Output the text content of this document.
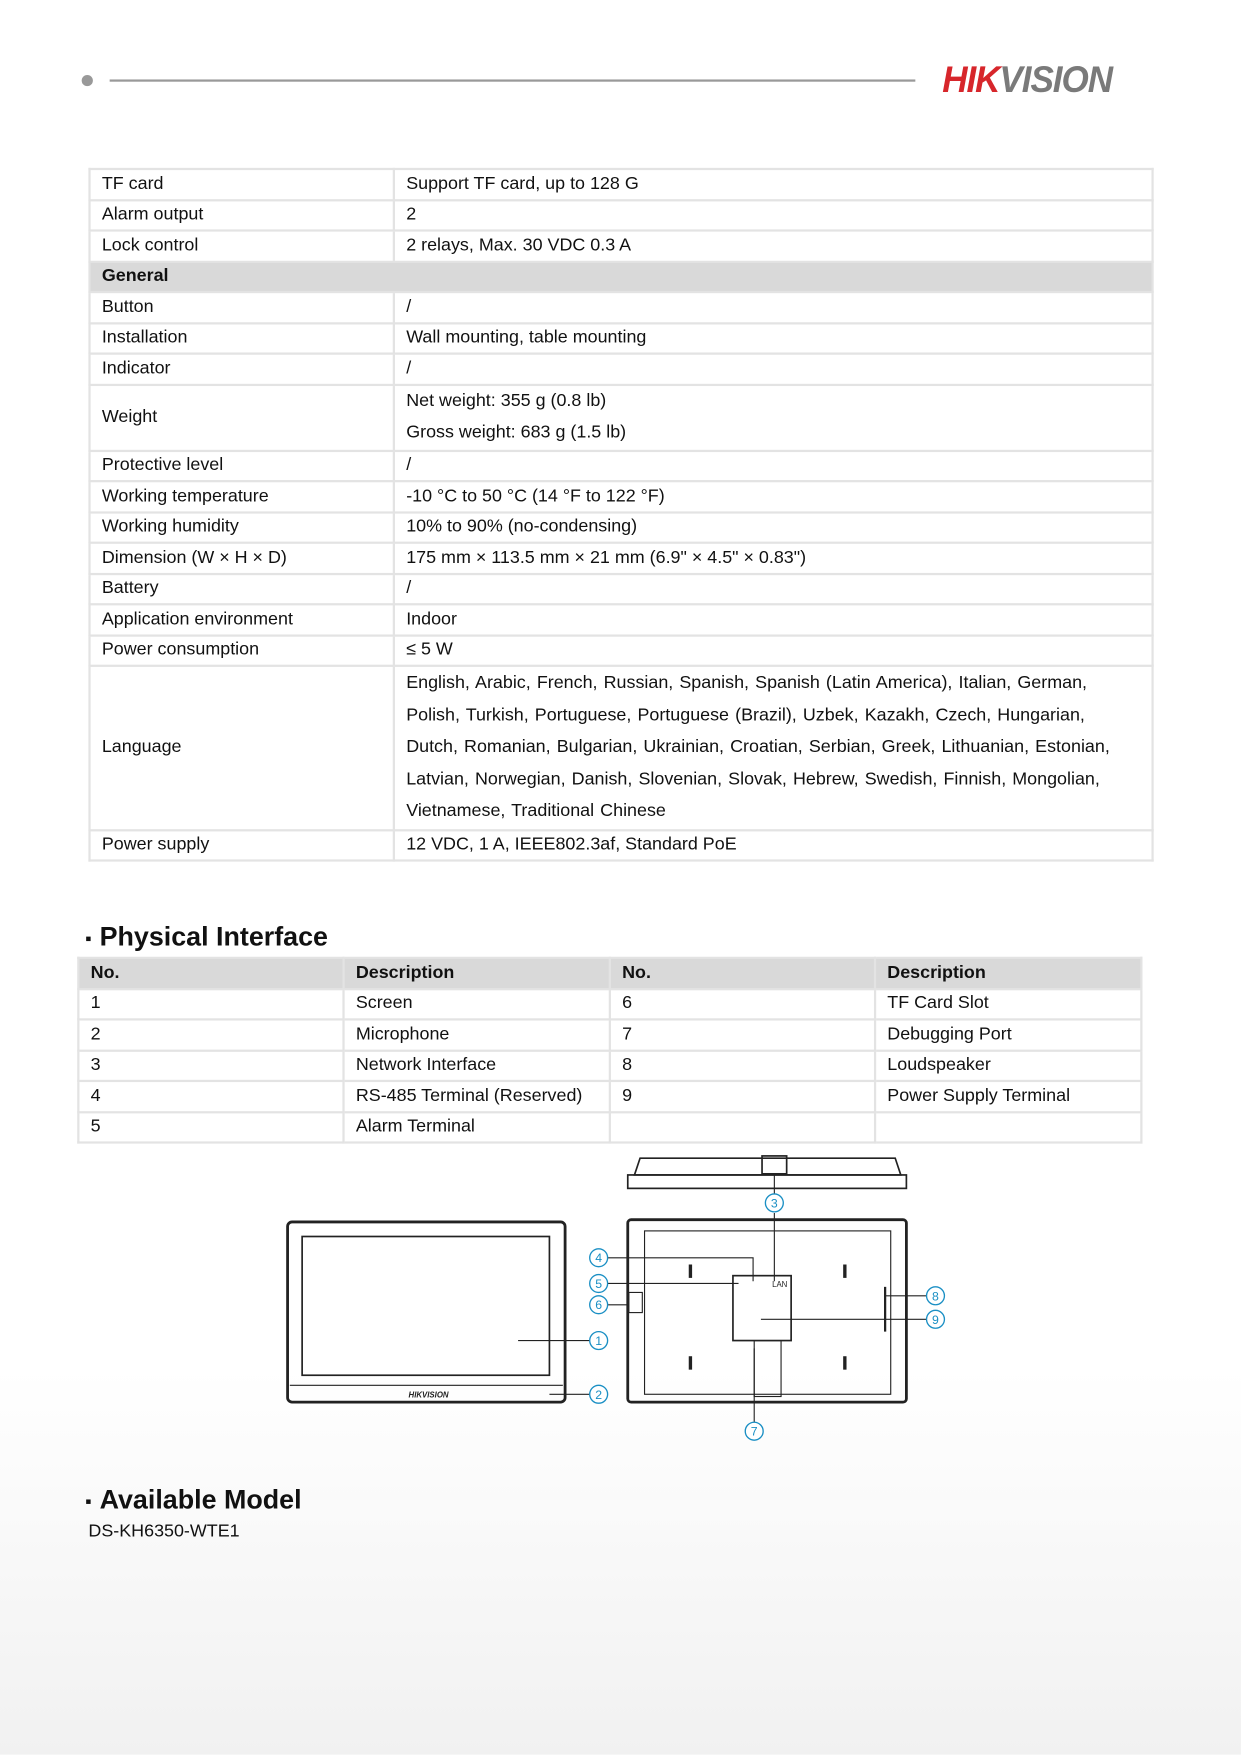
HIKVISION
TF card	Support TF card, up to 128 G
Alarm output	2
Lock control	2 relays, Max. 30 VDC 0.3 A
General	
Button	/
Installation	Wall mounting, table mounting
Indicator	/
Weight	Net weight: 355 g (0.8 lb)
Gross weight: 683 g (1.5 lb)

Protective level	/
Working temperature	-10 °C to 50 °C (14 °F to 122 °F)
Working humidity	10% to 90% (no-condensing)
Dimension (W × H × D)	175 mm × 113.5 mm × 21 mm (6.9" × 4.5" × 0.83")
Battery	/
Application environment	Indoor
Power consumption	≤ 5 W
Language	English, Arabic, French, Russian, Spanish, Spanish (Latin America), Italian, German, Polish, Turkish, Portuguese, Portuguese (Brazil), Uzbek, Kazakh, Czech, Hungarian, Dutch, Romanian, Bulgarian, Ukrainian, Croatian, Serbian, Greek, Lithuanian, Estonian, Latvian, Norwegian, Danish, Slovenian, Slovak, Hebrew, Swedish, Finnish, Mongolian, Vietnamese, Traditional Chinese
Power supply	12 VDC, 1 A, IEEE802.3af, Standard PoE
Physical Interface
No.	Description	No.	Description
1	Screen	6	TF Card Slot
2	Microphone	7	Debugging Port
3	Network Interface	8	Loudspeaker
4	RS-485 Terminal (Reserved)	9	Power Supply Terminal
5	Alarm Terminal		
HIKVISION
LAN
1
2
3
4
5
6
7
8
9
Available Model
DS-KH6350-WTE1
